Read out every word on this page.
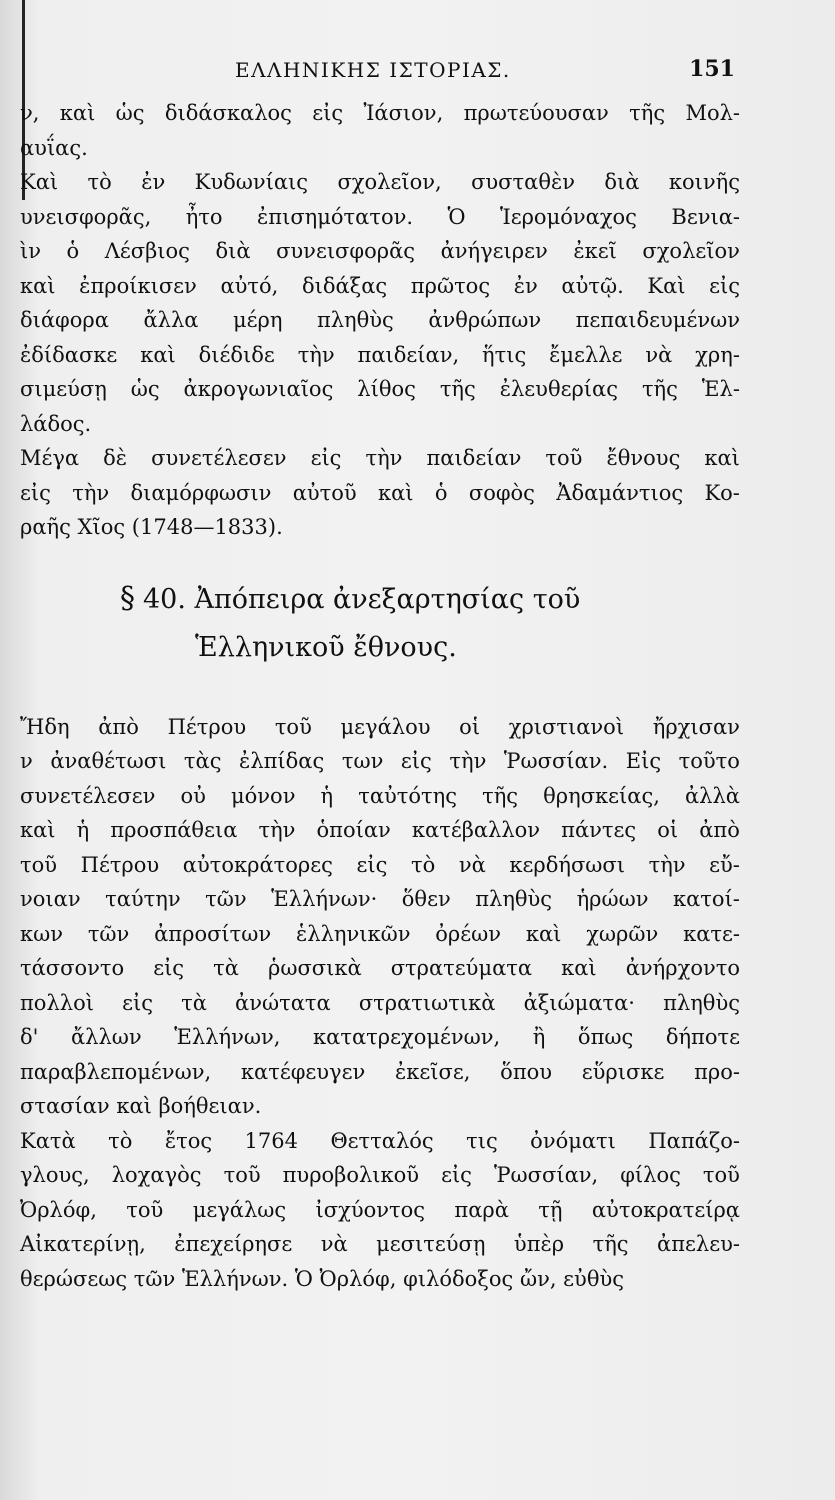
ΕΛΛΗΝΙΚΗΣ ΙΣΤΟΡΙΑΣ.	151

ν, καὶ ὡς διδάσκαλος εἰς Ἰάσιον, πρωτεύουσαν τῆς Μολ-
αυΐας.

Καὶ τὸ ἐν Κυδωνίαις σχολεῖον, συσταθὲν διὰ κοινῆς
υνεισφορᾶς, ἦτο ἐπισημότατον. Ὁ Ἱερομόναχος Βενια-
ὶν ὁ Λέσβιος διὰ συνεισφορᾶς ἀνήγειρεν ἐκεῖ σχολεῖον
καὶ ἐπροίκισεν αὐτό, διδάξας πρῶτος ἐν αὐτῷ. Καὶ εἰς
διάφορα ἄλλα μέρη πληθὺς ἀνθρώπων πεπαιδευμένων
ἐδίδασκε καὶ διέδιδε τὴν παιδείαν, ἥτις ἔμελλε νὰ χρη-
σιμεύσῃ ὡς ἀκρογωνιαῖος λίθος τῆς ἐλευθερίας τῆς Ἑλ-
λάδος.

Μέγα δὲ συνετέλεσεν εἰς τὴν παιδείαν τοῦ ἔθνους καὶ
εἰς τὴν διαμόρφωσιν αὐτοῦ καὶ ὁ σοφὸς Ἀδαμάντιος Κο-
ραῆς Χῖος (1748—1833).

§ 40. Ἀπόπειρα ἀνεξαρτησίας τοῦ
Ἑλληνικοῦ ἔθνους.

Ἤδη ἀπὸ Πέτρου τοῦ μεγάλου οἱ χριστιανοὶ ἤρχισαν
ν ἀναθέτωσι τὰς ἐλπίδας των εἰς τὴν Ῥωσσίαν. Εἰς τοῦτο
συνετέλεσεν οὐ μόνον ἡ ταὐτότης τῆς θρησκείας, ἀλλὰ
καὶ ἡ προσπάθεια τὴν ὁποίαν κατέβαλλον πάντες οἱ ἀπὸ
τοῦ Πέτρου αὐτοκράτορες εἰς τὸ νὰ κερδήσωσι τὴν εὔ-
νοιαν ταύτην τῶν Ἑλλήνων· ὅθεν πληθὺς ἡρώων κατοί-
κων τῶν ἀπροσίτων ἑλληνικῶν ὀρέων καὶ χωρῶν κατε-
τάσσοντο εἰς τὰ ῥωσσικὰ στρατεύματα καὶ ἀνήρχοντο
πολλοὶ εἰς τὰ ἀνώτατα στρατιωτικὰ ἀξιώματα· πληθὺς
δ' ἄλλων Ἑλλήνων, κατατρεχομένων, ἢ ὅπως δήποτε
παραβλεπομένων, κατέφευγεν ἐκεῖσε, ὅπου εὕρισκε προ-
στασίαν καὶ βοήθειαν.

Κατὰ τὸ ἔτος 1764 Θετταλός τις ὀνόματι Παπάζο-
γλους, λοχαγὸς τοῦ πυροβολικοῦ εἰς Ῥωσσίαν, φίλος τοῦ
Ὀρλόφ, τοῦ μεγάλως ἰσχύοντος παρὰ τῇ αὐτοκρατείρᾳ
Αἰκατερίνῃ, ἐπεχείρησε νὰ μεσιτεύσῃ ὑπὲρ τῆς ἀπελευ-
θερώσεως τῶν Ἑλλήνων. Ὁ Ὀρλόφ, φιλόδοξος ὤν, εὐθὺς
